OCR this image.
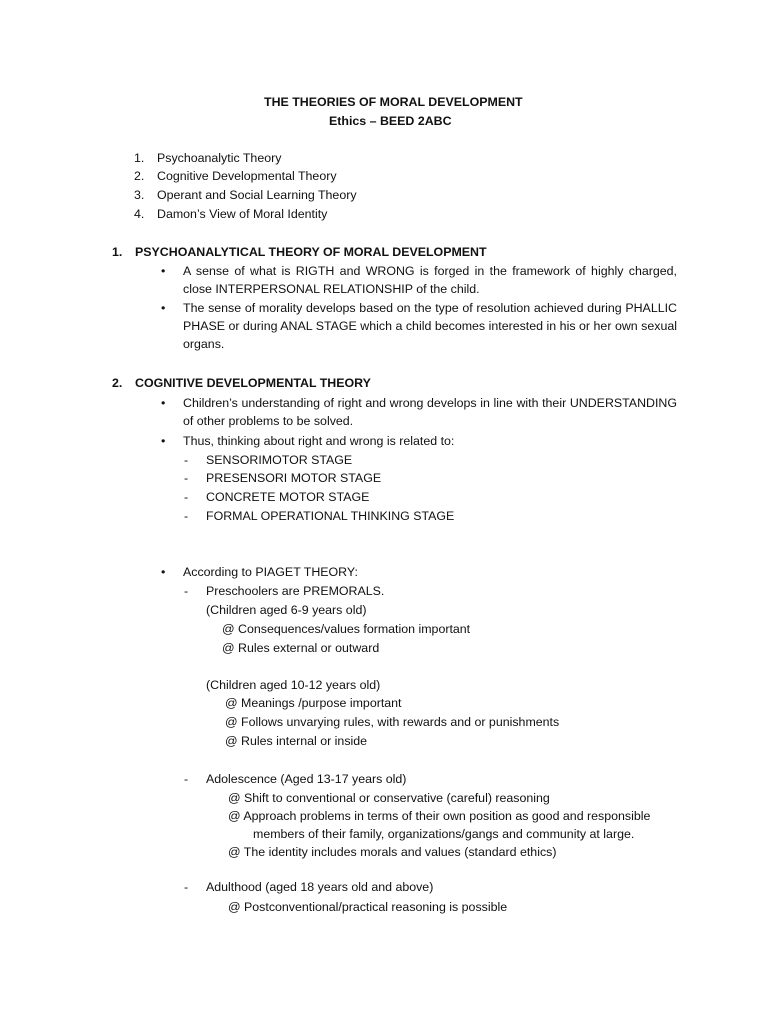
THE THEORIES OF MORAL DEVELOPMENT
Ethics – BEED 2ABC
1. Psychoanalytic Theory
2. Cognitive Developmental Theory
3. Operant and Social Learning Theory
4. Damon’s View of Moral Identity
1. PSYCHOANALYTICAL THEORY OF MORAL DEVELOPMENT
• A sense of what is RIGTH and WRONG is forged in the framework of highly charged, close INTERPERSONAL RELATIONSHIP of the child.
• The sense of morality develops based on the type of resolution achieved during PHALLIC PHASE or during ANAL STAGE which a child becomes interested in his or her own sexual organs.
2. COGNITIVE DEVELOPMENTAL THEORY
• Children’s understanding of right and wrong develops in line with their UNDERSTANDING of other problems to be solved.
• Thus, thinking about right and wrong is related to:
- SENSORIMOTOR STAGE
- PRESENSORI MOTOR STAGE
- CONCRETE MOTOR STAGE
- FORMAL OPERATIONAL THINKING STAGE
• According to PIAGET THEORY:
- Preschoolers are PREMORALS.
(Children aged 6-9 years old)
@ Consequences/values formation important
@ Rules external or outward
(Children aged 10-12 years old)
@ Meanings /purpose important
@ Follows unvarying rules, with rewards and or punishments
@ Rules internal or inside
- Adolescence (Aged 13-17 years old)
@ Shift to conventional or conservative (careful) reasoning
@ Approach problems in terms of their own position as good and responsible
members of their family, organizations/gangs and community at large.
@ The identity includes morals and values (standard ethics)
- Adulthood (aged 18 years old and above)
@ Postconventional/practical reasoning is possible
